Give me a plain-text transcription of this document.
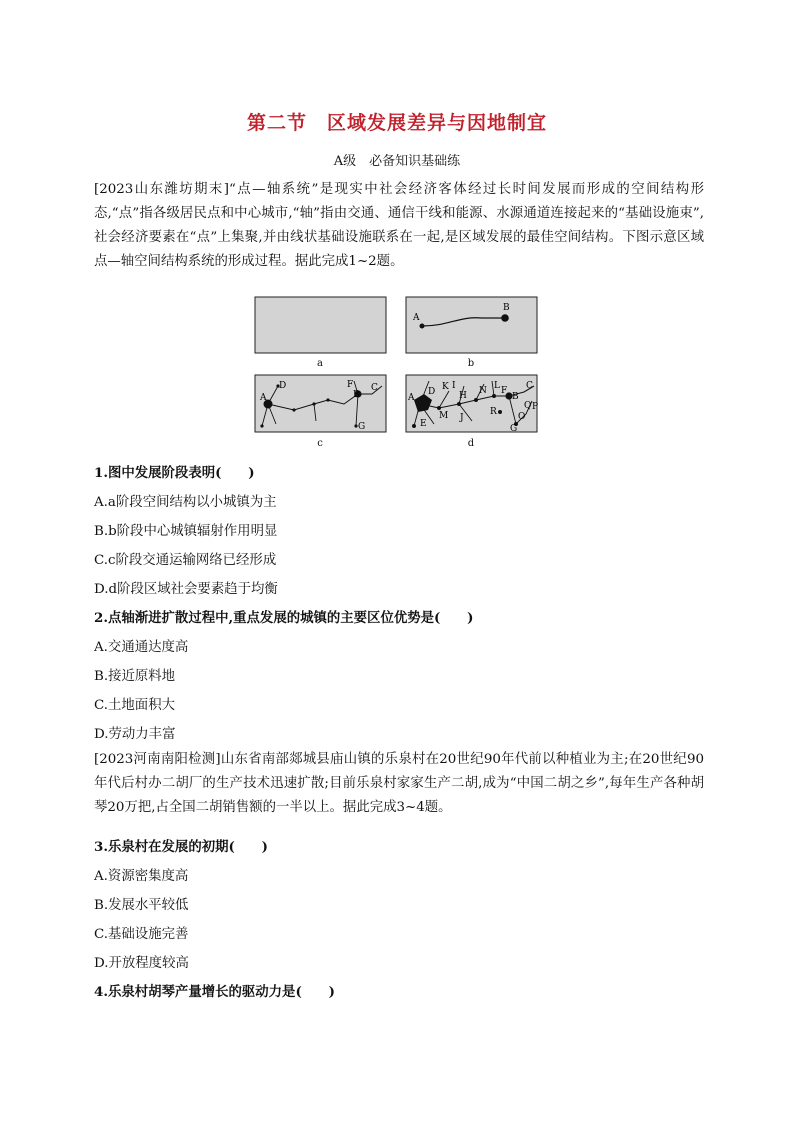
第二节　区域发展差异与因地制宜
A级　必备知识基础练
[2023山东潍坊期末]“点—轴系统”是现实中社会经济客体经过长时间发展而形成的空间结构形态,“点”指各级居民点和中心城市,“轴”指由交通、通信干线和能源、水源通道连接起来的“基础设施束”,社会经济要素在“点”上集聚,并由线状基础设施联系在一起,是区域发展的最佳空间结构。下图示意区域点—轴空间结构系统的形成过程。据此完成1~2题。
A
B
A
D	F C
B
G
A
D K I
H
M J
N L F
B
C
R O
Q P
G
E
a	b
c	d
1.图中发展阶段表明(　　)
A.a阶段空间结构以小城镇为主
B.b阶段中心城镇辐射作用明显
C.c阶段交通运输网络已经形成
D.d阶段区域社会要素趋于均衡
2.点轴渐进扩散过程中,重点发展的城镇的主要区位优势是(　　)
A.交通通达度高
B.接近原料地
C.土地面积大
D.劳动力丰富
[2023河南南阳检测]山东省南部郯城县庙山镇的乐泉村在20世纪90年代前以种植业为主;在20世纪90年代后村办二胡厂的生产技术迅速扩散;目前乐泉村家家生产二胡,成为“中国二胡之乡”,每年生产各种胡琴20万把,占全国二胡销售额的一半以上。据此完成3~4题。
3.乐泉村在发展的初期(　　)
A.资源密集度高
B.发展水平较低
C.基础设施完善
D.开放程度较高
4.乐泉村胡琴产量增长的驱动力是(　　)
